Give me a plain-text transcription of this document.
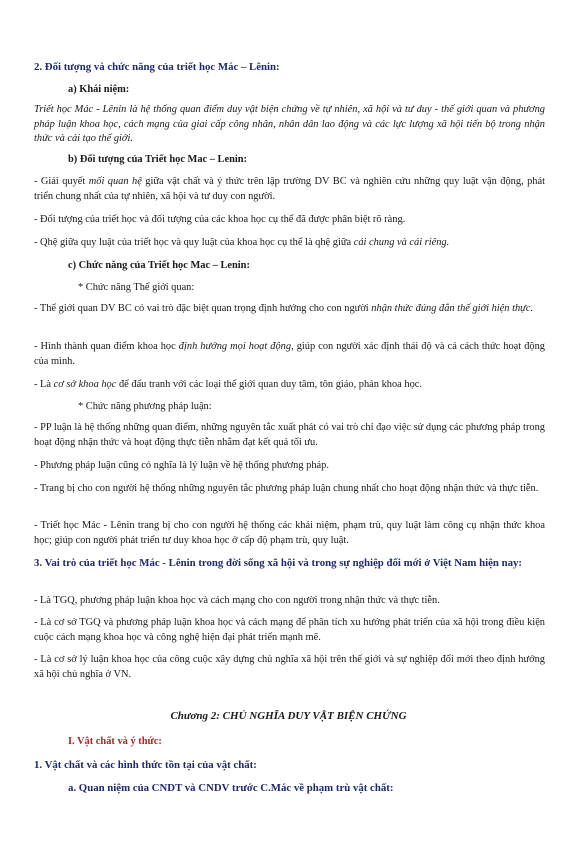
2. Đối tượng và chức năng của triết học Mác – Lênin:
a) Khái niệm:
Triết học Mác - Lênin là hệ thống quan điểm duy vật biện chứng về tự nhiên, xã hội và tư duy - thế giới quan và phương pháp luận khoa học, cách mạng của giai cấp công nhân, nhân dân lao động và các lực lượng xã hội tiến bộ trong nhận thức và cải tạo thế giới.
b) Đối tượng của Triết học Mac – Lenin:
- Giải quyết mối quan hệ giữa vật chất và ý thức trên lập trường DV BC và nghiên cứu những quy luật vận động, phát triển chung nhất của tự nhiên, xã hội và tư duy con người.
- Đối tượng của triết học và đối tượng của các khoa học cụ thể đã được phân biệt rõ ràng.
- Qhệ giữa quy luật của triết học và quy luật của khoa học cụ thể là qhệ giữa cái chung và cái riêng.
c) Chức năng của Triết học Mac – Lenin:
* Chức năng Thế giới quan:
- Thế giới quan DV BC có vai trò đặc biệt quan trọng định hướng cho con người nhận thức đúng đắn thế giới hiện thực.
- Hình thành quan điểm khoa học định hướng mọi hoạt động, giúp con người xác định thái độ và cả cách thức hoạt động của mình.
- Là cơ sở khoa học để đấu tranh với các loại thế giới quan duy tâm, tôn giáo, phản khoa học.
* Chức năng phương pháp luận:
- PP luận là hệ thống những quan điểm, những nguyên tắc xuất phát có vai trò chỉ đạo việc sử dụng các phương pháp trong hoạt động nhận thức và hoạt động thực tiễn nhằm đạt kết quả tối ưu.
- Phương pháp luận cũng có nghĩa là lý luận về hệ thống phương pháp.
- Trang bị cho con người hệ thống những nguyên tắc phương pháp luận chung nhất cho hoạt động nhận thức và thực tiễn.
- Triết học Mác - Lênin trang bị cho con người hệ thống các khái niệm, phạm trù, quy luật làm công cụ nhận thức khoa học; giúp con người phát triển tư duy khoa học ở cấp độ phạm trù, quy luật.
3. Vai trò của triết học Mác - Lênin trong đời sống xã hội và trong sự nghiệp đổi mới ở Việt Nam hiện nay:
- Là TGQ, phương pháp luận khoa học và cách mạng cho con người trong nhận thức và thực tiễn.
- Là cơ sở TGQ và phương pháp luận khoa học và cách mạng để phân tích xu hướng phát triển của xã hội trong điều kiện cuộc cách mạng khoa học và công nghệ hiện đại phát triển mạnh mẽ.
- Là cơ sở lý luận khoa học của công cuộc xây dựng chủ nghĩa xã hội trên thế giới và sự nghiệp đổi mới theo định hướng xã hội chủ nghĩa ở VN.
Chương 2: CHỦ NGHĨA DUY VẬT BIỆN CHỨNG
I. Vật chất và ý thức:
1. Vật chất và các hình thức tồn tại của vật chất:
a. Quan niệm của CNDT và CNDV trước C.Mác về phạm trù vật chất:
